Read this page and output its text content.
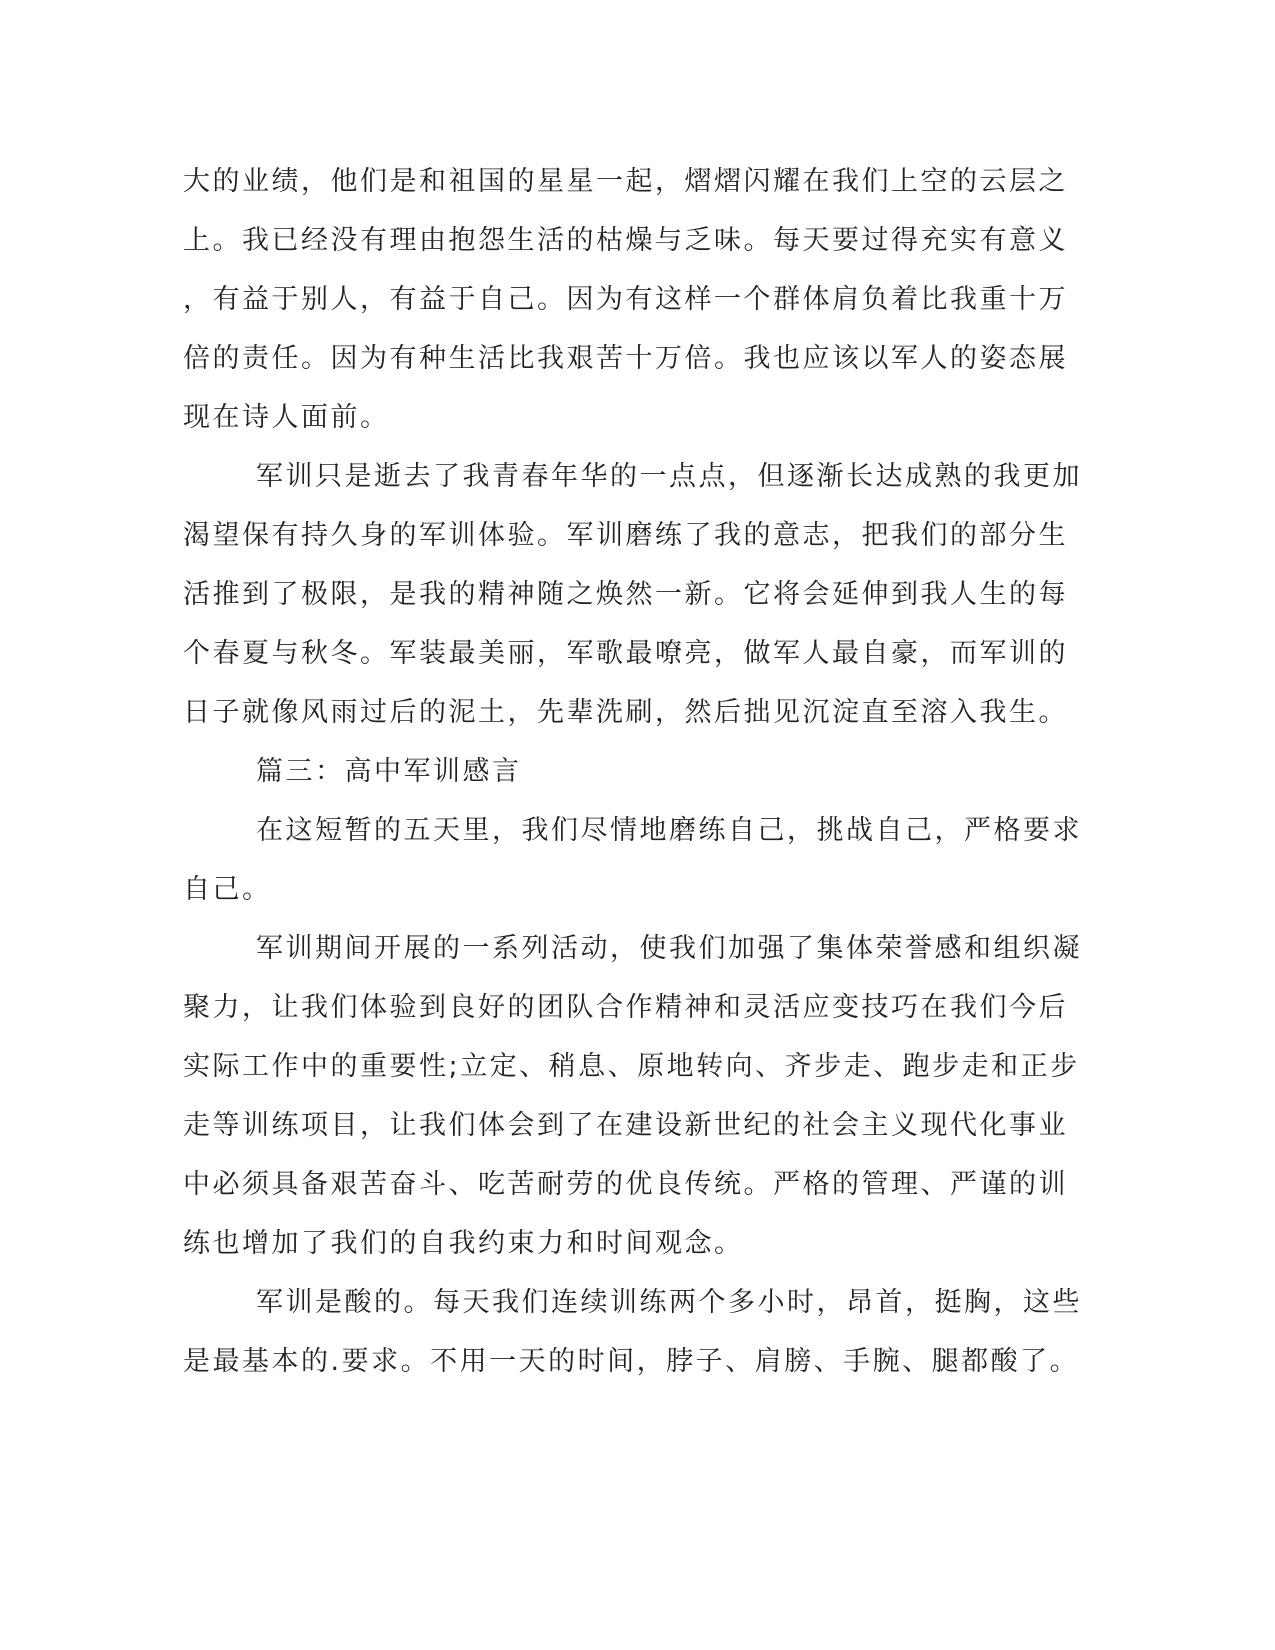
大的业绩，他们是和祖国的星星一起，熠熠闪耀在我们上空的云层之
上。我已经没有理由抱怨生活的枯燥与乏味。每天要过得充实有意义
，有益于别人，有益于自己。因为有这样一个群体肩负着比我重十万
倍的责任。因为有种生活比我艰苦十万倍。我也应该以军人的姿态展
现在诗人面前。
军训只是逝去了我青春年华的一点点，但逐渐长达成熟的我更加
渴望保有持久身的军训体验。军训磨练了我的意志，把我们的部分生
活推到了极限，是我的精神随之焕然一新。它将会延伸到我人生的每
个春夏与秋冬。军装最美丽，军歌最嘹亮，做军人最自豪，而军训的
日子就像风雨过后的泥土，先辈洗刷，然后拙见沉淀直至溶入我生。
篇三：高中军训感言
在这短暂的五天里，我们尽情地磨练自己，挑战自己，严格要求
自己。
军训期间开展的一系列活动，使我们加强了集体荣誉感和组织凝
聚力，让我们体验到良好的团队合作精神和灵活应变技巧在我们今后
实际工作中的重要性;立定、稍息、原地转向、齐步走、跑步走和正步
走等训练项目，让我们体会到了在建设新世纪的社会主义现代化事业
中必须具备艰苦奋斗、吃苦耐劳的优良传统。严格的管理、严谨的训
练也增加了我们的自我约束力和时间观念。
军训是酸的。每天我们连续训练两个多小时，昂首，挺胸，这些
是最基本的.要求。不用一天的时间，脖子、肩膀、手腕、腿都酸了。
